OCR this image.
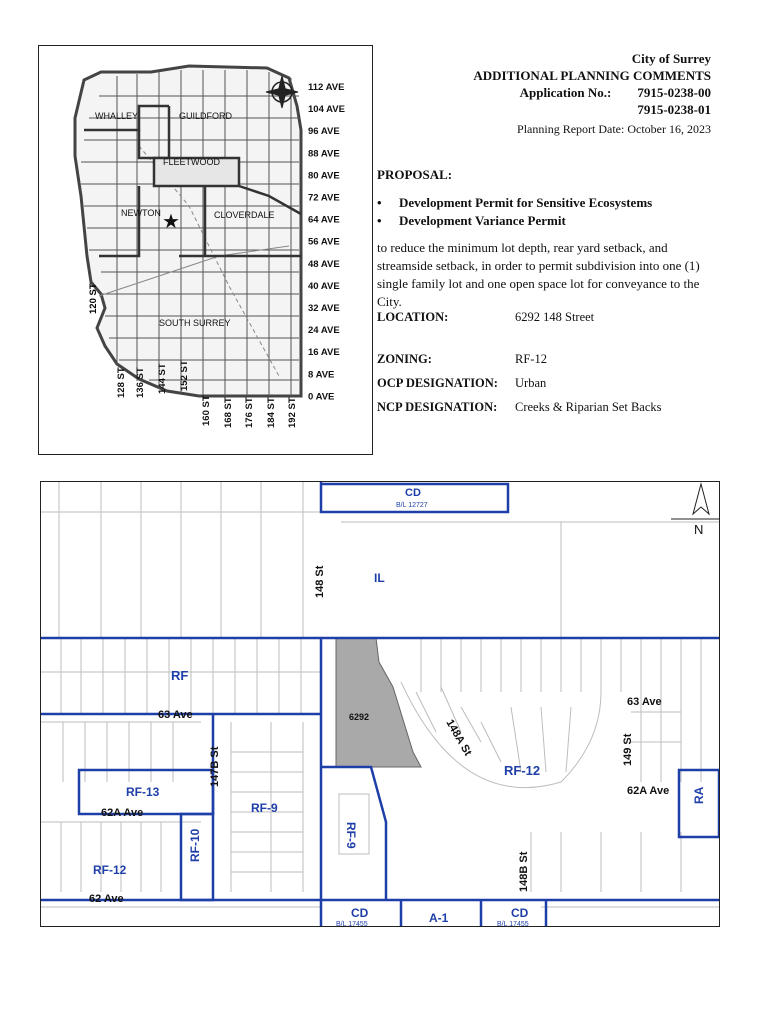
★
WHALLEY	GUILDFORD
FLEETWOOD
NEWTON	CLOVERDALE
SOUTH SURREY
112 AVE
104 AVE
96 AVE
88 AVE
80 AVE
72 AVE
64 AVE
56 AVE
48 AVE
40 AVE
32 AVE
24 AVE
16 AVE
8 AVE
0 AVE
128 ST 136 ST 144 ST 152 ST
160 ST 168 ST 176 ST 184 ST 192 ST
120 ST
City of Surrey
ADDITIONAL PLANNING COMMENTS
Application No.: 7915-0238-00
7915-0238-01
Planning Report Date: October 16, 2023
PROPOSAL:
•	Development Permit for Sensitive Ecosystems
•	Development Variance Permit
to reduce the minimum lot depth, rear yard setback, and streamside setback, in order to permit subdivision into one (1) single family lot and one open space lot for conveyance to the City.
LOCATION:	6292 148 Street
ZONING:	RF-12
OCP DESIGNATION: Urban
NCP DESIGNATION: Creeks & Riparian Set Backs
N
CD
IL
RF
RF-13
RF-9
RF-9
RF-10
RF-12
RF-12
RA
CD	A-1	CD
B/L 12727
B/L 17455	B/L 17455
148 St
63 Ave
63 Ave
147B St
62A Ave
62A Ave
148A St	149 St
148B St
62 Ave
6292
